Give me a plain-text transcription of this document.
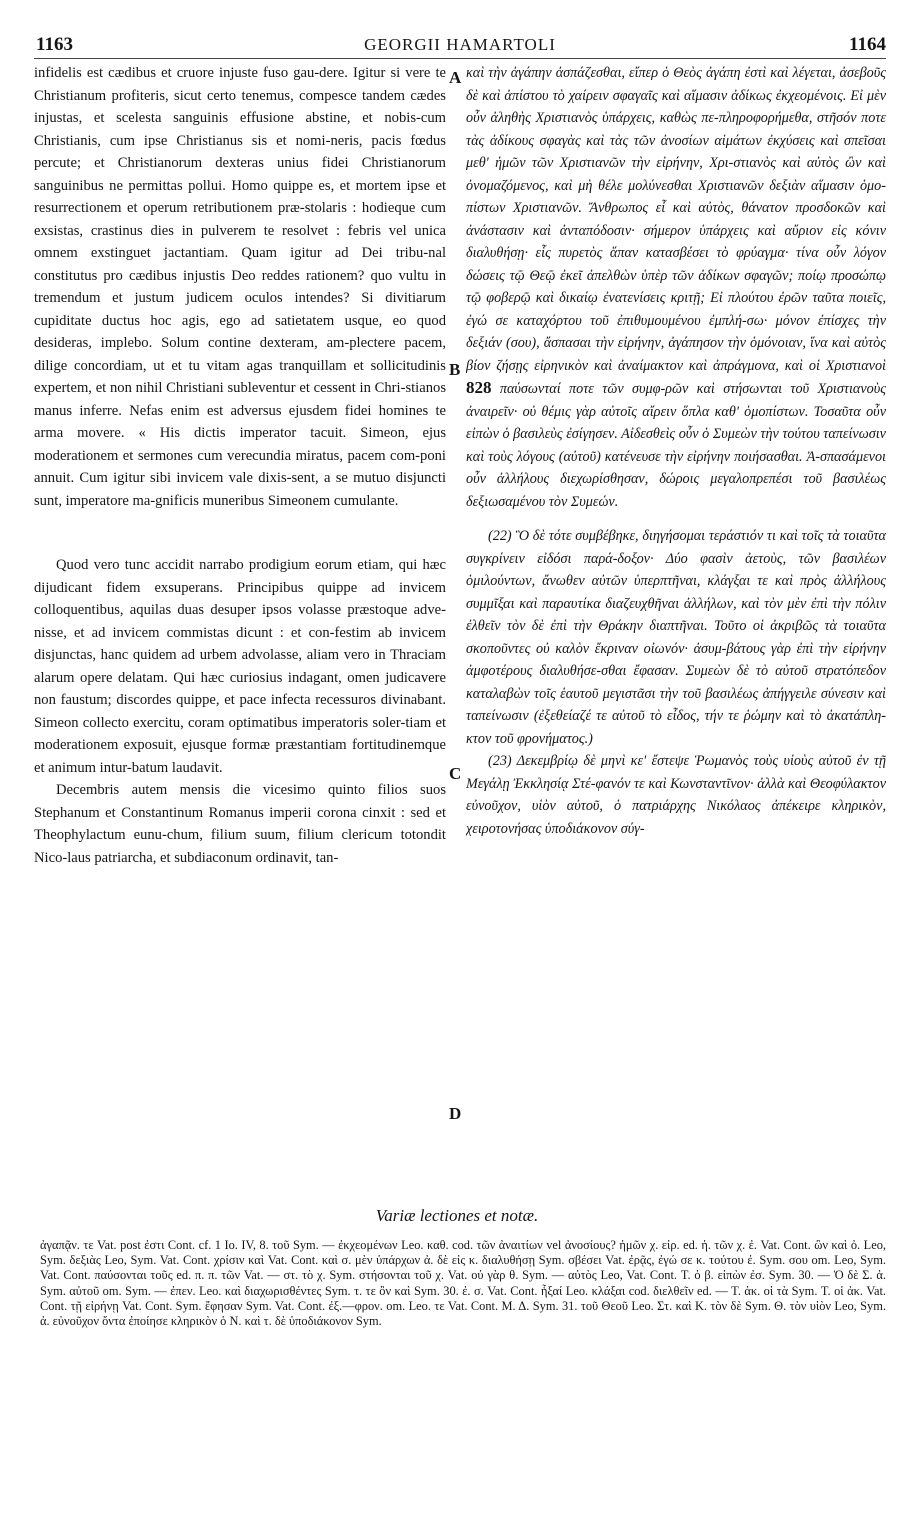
1163	GEORGII HAMARTOLI	1164

infidelis est cædibus et cruore injuste fuso gau-dere. Igitur si vere te Christianum profiteris, sicut certo tenemus, compesce tandem cædes injustas, et scelesta sanguinis effusione abstine, et nobis-cum Christianis, cum ipse Christianus sis et nomi-neris, pacis fœdus percute; et Christianorum dexteras unius fidei Christianorum sanguinibus ne permittas pollui. Homo quippe es, et mortem ipse et resurrectionem et operum retributionem præ-stolaris : hodieque cum exsistas, crastinus dies in pulverem te resolvet : febris vel unica omnem exstinguet jactantiam. Quam igitur ad Dei tribu-nal constitutus pro cædibus injustis Deo reddes rationem? quo vultu in tremendum et justum judicem oculos intendes? Si divitiarum cupiditate ductus hoc agis, ego ad satietatem usque, eo quod desideras, implebo. Solum contine dexteram, am-plectere pacem, dilige concordiam, ut et tu vitam agas tranquillam et sollicitudinis expertem, et non nihil Christiani subleventur et cessent in Chri-stianos manus inferre. Nefas enim est adversus ejusdem fidei homines te arma movere. « His dictis imperator tacuit. Simeon, ejus moderationem et sermones cum verecundia miratus, pacem com-poni annuit. Cum igitur sibi invicem vale dixis-sent, a se mutuo disjuncti sunt, imperatore ma-gnificis muneribus Simeonem cumulante.

Quod vero tunc accidit narrabo prodigium eorum etiam, qui hæc dijudicant fidem exsuperans. Principibus quippe ad invicem colloquentibus, aquilas duas desuper ipsos volasse præstoque adve-nisse, et ad invicem commistas dicunt : et con-festim ab invicem disjunctas, hanc quidem ad urbem advolasse, aliam vero in Thraciam alarum opere delatam. Qui hæc curiosius indagant, omen judicavere non faustum; discordes quippe, et pace infecta recessuros divinabant. Simeon collecto exercitu, coram optimatibus imperatoris soler-tiam et moderationem exposuit, ejusque formæ præstantiam fortitudinemque et animum intur-batum laudavit.

Decembris autem mensis die vicesimo quinto filios suos Stephanum et Constantinum Romanus imperii corona cinxit : sed et Theophylactum eunu-chum, filium suum, filium clericum totondit Nico-laus patriarcha, et subdiaconum ordinavit, tan-

A
B
C
D

καὶ τὴν ἀγάπην ἀσπάζεσθαι, εἴπερ ὁ Θεὸς ἀγάπη ἐστὶ καὶ λέγεται, ἀσεβοῦς δὲ καὶ ἀπίστου τὸ χαίρειν σφαγαῖς καὶ αἵμασιν ἀδίκως ἐκχεομένοις. Εἰ μὲν οὖν ἀληθὴς Χριστιανὸς ὑπάρχεις, καθὼς πε-πληροφορήμεθα, στῆσόν ποτε τὰς ἀδίκους σφαγὰς καὶ τὰς τῶν ἀνοσίων αἱμάτων ἐκχύσεις καὶ σπεῖσαι μεθ' ἡμῶν τῶν Χριστιανῶν τὴν εἰρήνην, Χρι-στιανὸς καὶ αὐτὸς ὢν καὶ ὀνομαζόμενος, καὶ μὴ θέλε μολύνεσθαι Χριστιανῶν δεξιὰν αἵμασιν ὁμο-πίστων Χριστιανῶν. Ἄνθρωπος εἶ καὶ αὐτὸς, θάνατον προσδοκῶν καὶ ἀνάστασιν καὶ ἀνταπόδοσιν· σήμερον ὑπάρχεις καὶ αὔριον εἰς κόνιν διαλυθήσῃ· εἷς πυρετὸς ἅπαν κατασβέσει τὸ φρύαγμα· τίνα οὖν λόγον δώσεις τῷ Θεῷ ἐκεῖ ἀπελθὼν ὑπὲρ τῶν ἀδίκων σφαγῶν; ποίῳ προσώπῳ τῷ φοβερῷ καὶ δικαίῳ ἐνατενίσεις κριτῇ; Εἰ πλούτου ἐρῶν ταῦτα ποιεῖς, ἐγώ σε καταχόρτου τοῦ ἐπιθυμουμένου ἐμπλή-σω· μόνον ἐπίσχες τὴν δεξιάν (σου), ἄσπασαι τὴν εἰρήνην, ἀγάπησον τὴν ὁμόνοιαν, ἵνα καὶ αὐτὸς βίον ζήσῃς εἰρηνικὸν καὶ ἀναίμακτον καὶ ἀπράγμονα, καὶ οἱ Χριστιανοὶ 828 παύσωνταί ποτε τῶν συμφ-ρῶν καὶ στήσωνται τοῦ Χριστιανοὺς ἀναιρεῖν· οὐ θέμις γὰρ αὐτοῖς αἴρειν ὅπλα καθ' ὁμοπίστων. Τοσαῦτα οὖν εἰπὼν ὁ βασιλεὺς ἐσίγησεν. Αἰδεσθεὶς οὖν ὁ Συμεὼν τὴν τούτου ταπείνωσιν καὶ τοὺς λόγους (αὐτοῦ) κατένευσε τὴν εἰρήνην ποιήσασθαι. Ἀ-σπασάμενοι οὖν ἀλλήλους διεχωρίσθησαν, δώροις μεγαλοπρεπέσι τοῦ βασιλέως δεξιωσαμένου τὸν Συμεών.

(22) Ὃ δὲ τότε συμβέβηκε, διηγήσομαι τεράστιόν τι καὶ τοῖς τὰ τοιαῦτα συγκρίνειν εἰδόσι παρά-δοξον· Δύο φασὶν ἀετοὺς, τῶν βασιλέων ὁμιλούντων, ἄνωθεν αὐτῶν ὑπερπτῆναι, κλάγξαι τε καὶ πρὸς ἀλλήλους συμμῖξαι καὶ παραυτίκα διαζευχθῆναι ἀλλήλων, καὶ τὸν μὲν ἐπὶ τὴν πόλιν ἐλθεῖν τὸν δὲ ἐπὶ τὴν Θράκην διαπτῆναι. Τοῦτο οἱ ἀκριβῶς τὰ τοιαῦτα σκοποῦντες οὐ καλὸν ἔκριναν οἰωνόν· ἀσυμ-βάτους γὰρ ἐπὶ τὴν εἰρήνην ἀμφοτέρους διαλυθήσε-σθαι ἔφασαν. Συμεὼν δὲ τὸ αὐτοῦ στρατόπεδον καταλαβὼν τοῖς ἑαυτοῦ μεγιστᾶσι τὴν τοῦ βασιλέως ἀπήγγειλε σύνεσιν καὶ ταπείνωσιν (ἐξεθείαζέ τε αὐτοῦ τὸ εἶδος, τήν τε ῥώμην καὶ τὸ ἀκατάπλη-κτον τοῦ φρονήματος.)

(23) Δεκεμβρίῳ δὲ μηνὶ κε' ἔστεψε Ῥωμανὸς τοὺς υἱοὺς αὐτοῦ ἐν τῇ Μεγάλῃ Ἐκκλησίᾳ Στέ-φανόν τε καὶ Κωνσταντῖνον· ἀλλὰ καὶ Θεοφύλακτον εὐνοῦχον, υἱὸν αὐτοῦ, ὁ πατριάρχης Νικόλαος ἀπέκειρε κληρικὸν, χειροτονήσας ὑποδιάκονον σύγ-

Variæ lectiones et notæ.

ἀγαπᾷν. τε Vat. post ἐστι Cont. cf. 1 Io. IV, 8. τοῦ Sym. — ἐκχεομένων Leo. καθ. cod. τῶν ἀναιτίων vel ἀνοσίους? ἡμῶν χ. εἰρ. ed. ἡ. τῶν χ. ἐ. Vat. Cont. ὢν καὶ ὀ. Leo, Sym. δεξιὰς Leo, Sym. Vat. Cont. χρίσιν καὶ Vat. Cont. καὶ σ. μὲν ὑπάρχων ἀ. δὲ εἰς κ. διαλυθήσῃ Sym. σβέσει Vat. ἐρᾷς, ἐγώ σε κ. τούτου ἐ. Sym. σου om. Leo, Sym. Vat. Cont. παύσονται τοῦς ed. π. π. τῶν Vat. — στ. τὸ χ. Sym. στήσονται τοῦ χ. Vat. οὐ γὰρ θ. Sym. — αὐτὸς Leo, Vat. Cont. Τ. ὁ β. εἰπὼν ἐσ. Sym. 30. — Ὁ δὲ Σ. ἀ. Sym. αὐτοῦ om. Sym. — ἐπεν. Leo. καὶ διαχωρισθέντες Sym. τ. τε ὂν καὶ Sym. 30. ἐ. σ. Vat. Cont. ἧξαί Leo. κλάξαι cod. διελθεῖν ed. — Τ. ἀκ. οἱ τὰ Sym. Τ. οἱ ἀκ. Vat. Cont. τῇ εἰρήνῃ Vat. Cont. Sym. ἔφησαν Sym. Vat. Cont. ἐξ.—φρον. om. Leo. τε Vat. Cont. Μ. Δ. Sym. 31. τοῦ Θεοῦ Leo. Στ. καὶ Κ. τὸν δὲ Sym. Θ. τὸν υἱὸν Leo, Sym. ἀ. εὐνοῦχον ὄντα ἐποίησε κληρικὸν ὁ Ν. καὶ τ. δὲ ὑποδιάκονον Sym.
